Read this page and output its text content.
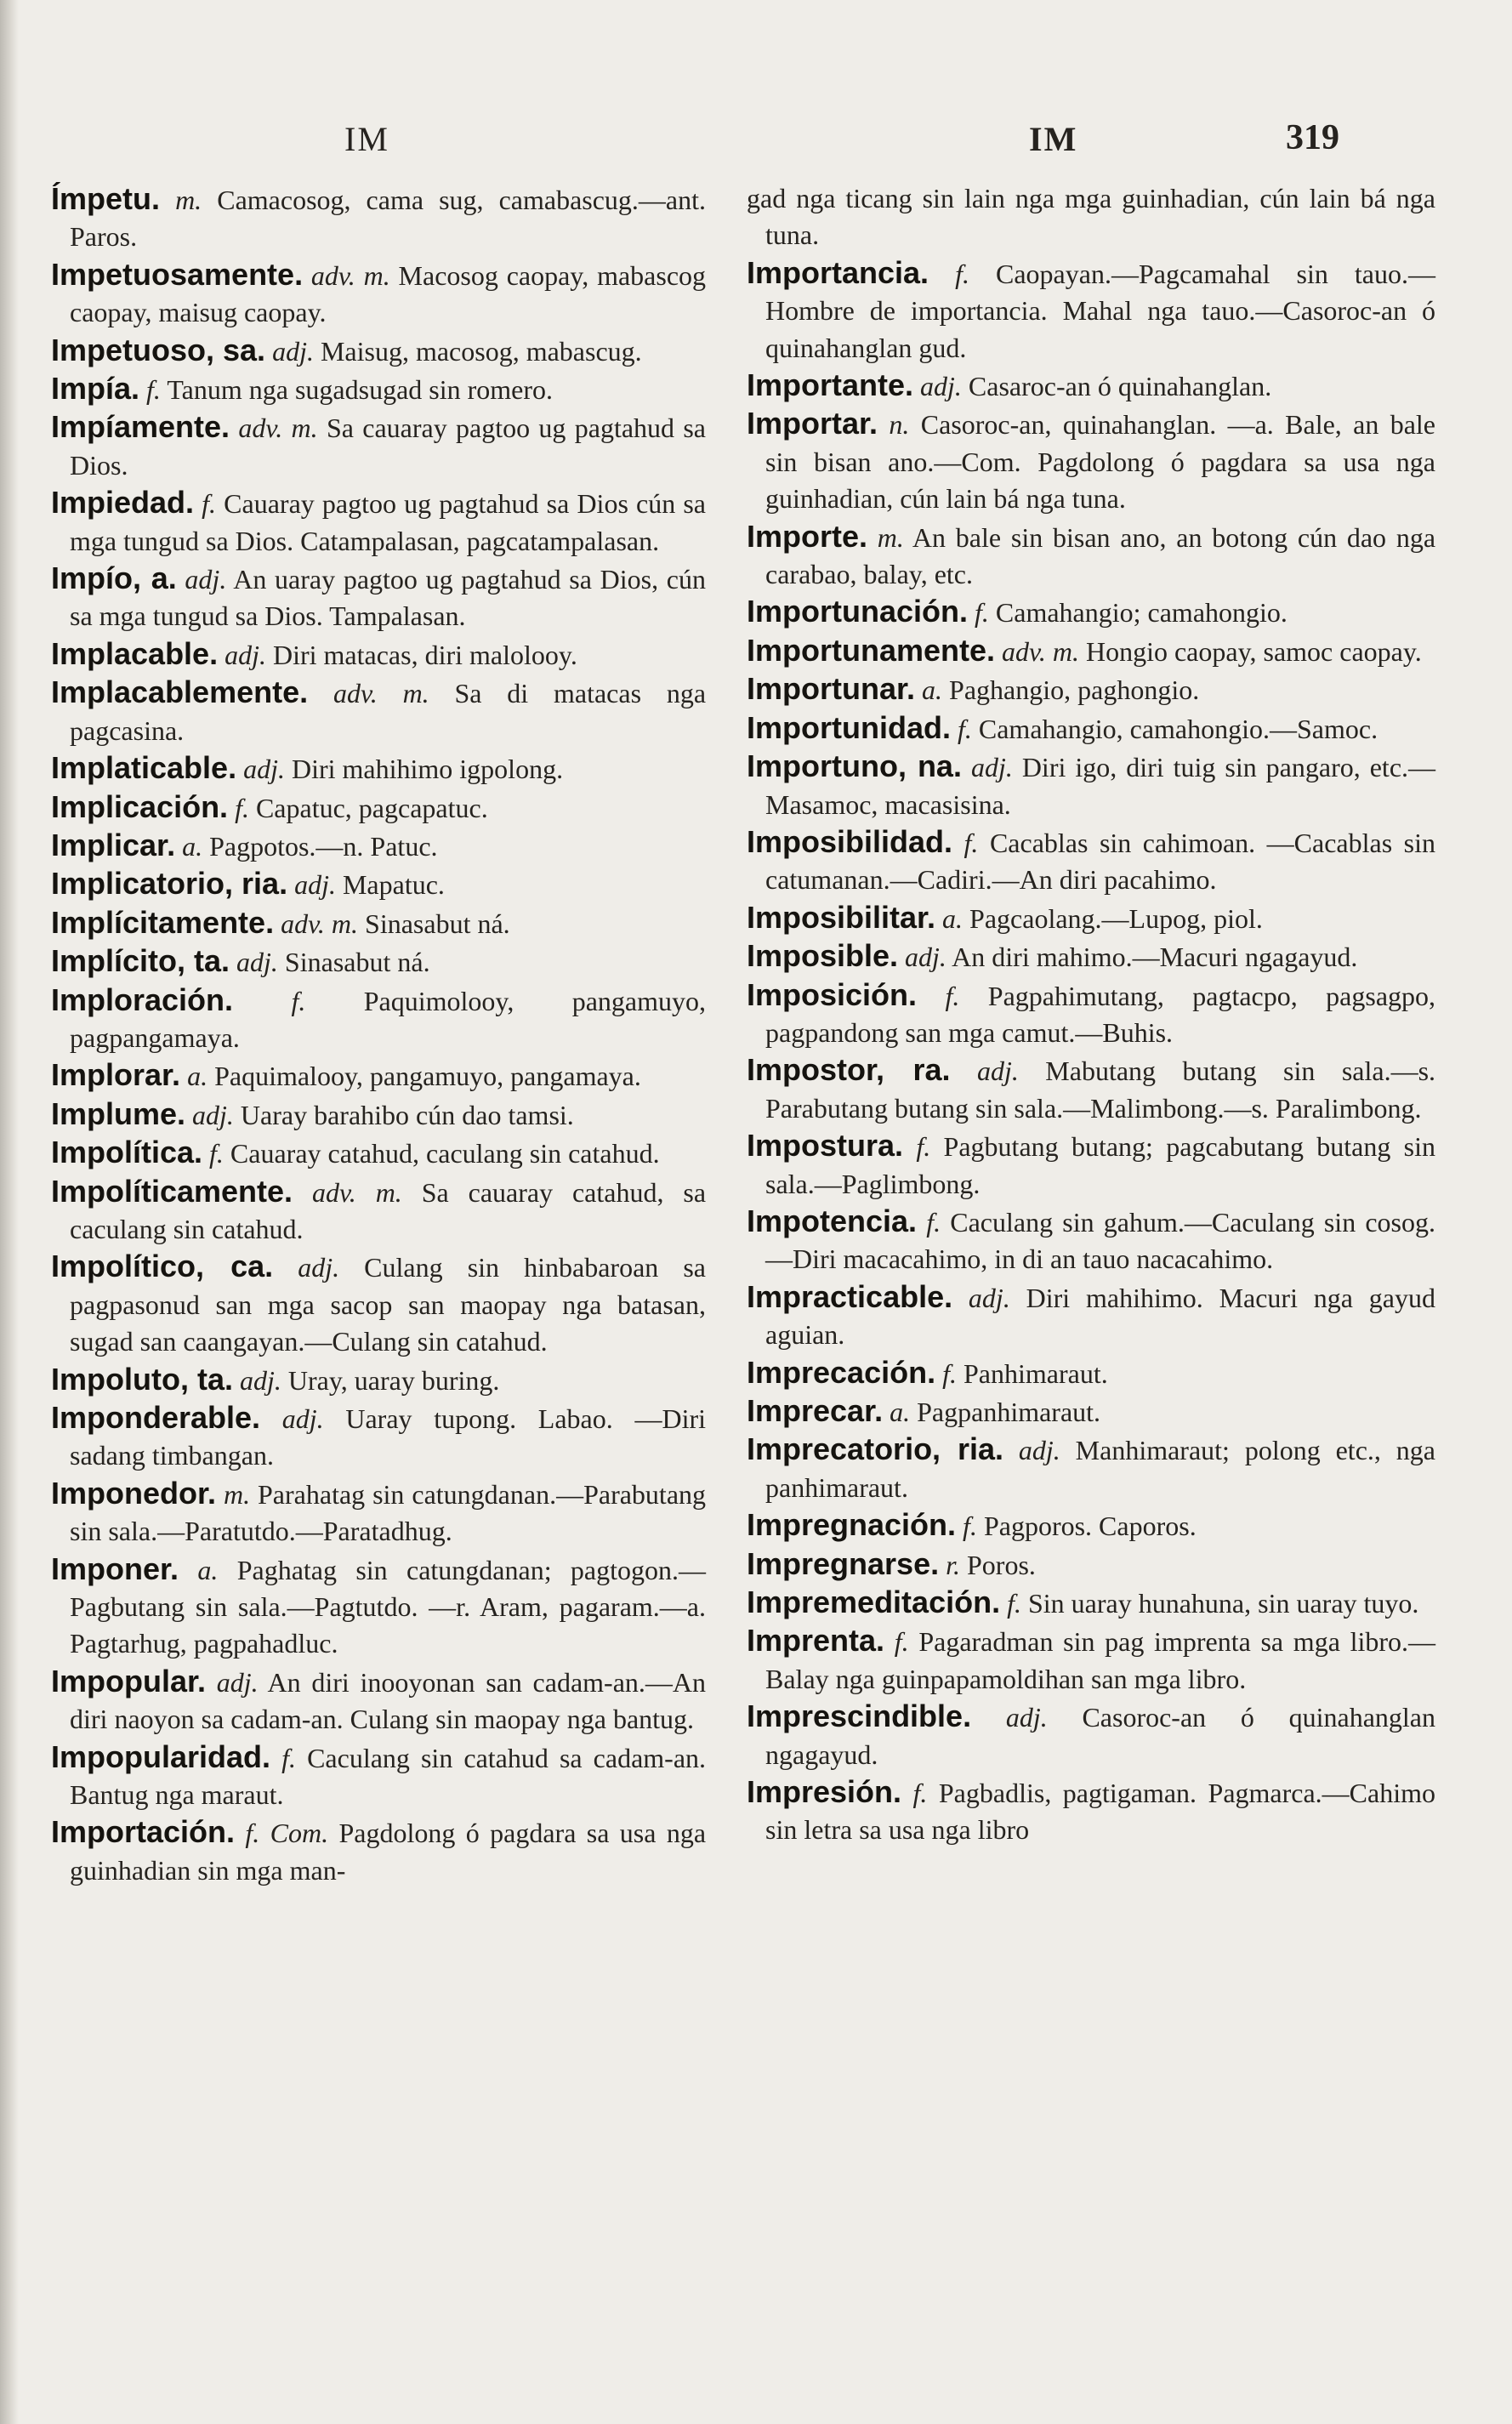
IM	IM	319
Ímpetu. m. Camacosog, cama sug, camabascug.—ant. Paros.
Impetuosamente. adv. m. Macosog caopay, mabascog caopay, maisug caopay.
Impetuoso, sa. adj. Maisug, macosog, mabascug.
Impía. f. Tanum nga sugadsugad sin romero.
Impíamente. adv. m. Sa cauaray pagtoo ug pagtahud sa Dios.
Impiedad. f. Cauaray pagtoo ug pagtahud sa Dios cún sa mga tungud sa Dios. Catampalasan, pagcatampalasan.
Impío, a. adj. An uaray pagtoo ug pagtahud sa Dios, cún sa mga tungud sa Dios. Tampalasan.
Implacable. adj. Diri matacas, diri malolooy.
Implacablemente. adv. m. Sa di matacas nga pagcasina.
Implaticable. adj. Diri mahihimo igpolong.
Implicación. f. Capatuc, pagcapatuc.
Implicar. a. Pagpotos.—n. Patuc.
Implicatorio, ria. adj. Mapatuc.
Implícitamente. adv. m. Sinasabut ná.
Implícito, ta. adj. Sinasabut ná.
Imploración. f. Paquimolooy, pangamuyo, pagpangamaya.
Implorar. a. Paquimalooy, pangamuyo, pangamaya.
Implume. adj. Uaray barahibo cún dao tamsi.
Impolítica. f. Cauaray catahud, caculang sin catahud.
Impolíticamente. adv. m. Sa cauaray catahud, sa caculang sin catahud.
Impolítico, ca. adj. Culang sin hinbabaroan sa pagpasonud san mga sacop san maopay nga batasan, sugad san caangayan.—Culang sin catahud.
Impoluto, ta. adj. Uray, uaray buring.
Imponderable. adj. Uaray tupong. Labao. —Diri sadang timbangan.
Imponedor. m. Parahatag sin catungdanan.—Parabutang sin sala.—Paratutdo.—Paratadhug.
Imponer. a. Paghatag sin catungdanan; pagtogon.—Pagbutang sin sala.—Pagtutdo. —r. Aram, pagaram.—a. Pagtarhug, pagpahadluc.
Impopular. adj. An diri inooyonan san cadam-an.—An diri naoyon sa cadam-an. Culang sin maopay nga bantug.
Impopularidad. f. Caculang sin catahud sa cadam-an. Bantug nga maraut.
Importación. f. Com. Pagdolong ó pagdara sa usa nga guinhadian sin mga man-
gad nga ticang sin lain nga mga guinhadian, cún lain bá nga tuna.
Importancia. f. Caopayan.—Pagcamahal sin tauo.—Hombre de importancia. Mahal nga tauo.—Casoroc-an ó quinahanglan gud.
Importante. adj. Casaroc-an ó quinahanglan.
Importar. n. Casoroc-an, quinahanglan. —a. Bale, an bale sin bisan ano.—Com. Pagdolong ó pagdara sa usa nga guinhadian, cún lain bá nga tuna.
Importe. m. An bale sin bisan ano, an botong cún dao nga carabao, balay, etc.
Importunación. f. Camahangio; camahongio.
Importunamente. adv. m. Hongio caopay, samoc caopay.
Importunar. a. Paghangio, paghongio.
Importunidad. f. Camahangio, camahongio.—Samoc.
Importuno, na. adj. Diri igo, diri tuig sin pangaro, etc.—Masamoc, macasisina.
Imposibilidad. f. Cacablas sin cahimoan. —Cacablas sin catumanan.—Cadiri.—An diri pacahimo.
Imposibilitar. a. Pagcaolang.—Lupog, piol.
Imposible. adj. An diri mahimo.—Macuri ngagayud.
Imposición. f. Pagpahimutang, pagtacpo, pagsagpo, pagpandong san mga camut.—Buhis.
Impostor, ra. adj. Mabutang butang sin sala.—s. Parabutang butang sin sala.—Malimbong.—s. Paralimbong.
Impostura. f. Pagbutang butang; pagcabutang butang sin sala.—Paglimbong.
Impotencia. f. Caculang sin gahum.—Caculang sin cosog.—Diri macacahimo, in di an tauo nacacahimo.
Impracticable. adj. Diri mahihimo. Macuri nga gayud aguian.
Imprecación. f. Panhimaraut.
Imprecar. a. Pagpanhimaraut.
Imprecatorio, ria. adj. Manhimaraut; polong etc., nga panhimaraut.
Impregnación. f. Pagporos. Caporos.
Impregnarse. r. Poros.
Impremeditación. f. Sin uaray hunahuna, sin uaray tuyo.
Imprenta. f. Pagaradman sin pag imprenta sa mga libro.—Balay nga guinpapamoldihan san mga libro.
Imprescindible. adj. Casoroc-an ó quinahanglan ngagayud.
Impresión. f. Pagbadlis, pagtigaman. Pagmarca.—Cahimo sin letra sa usa nga libro
